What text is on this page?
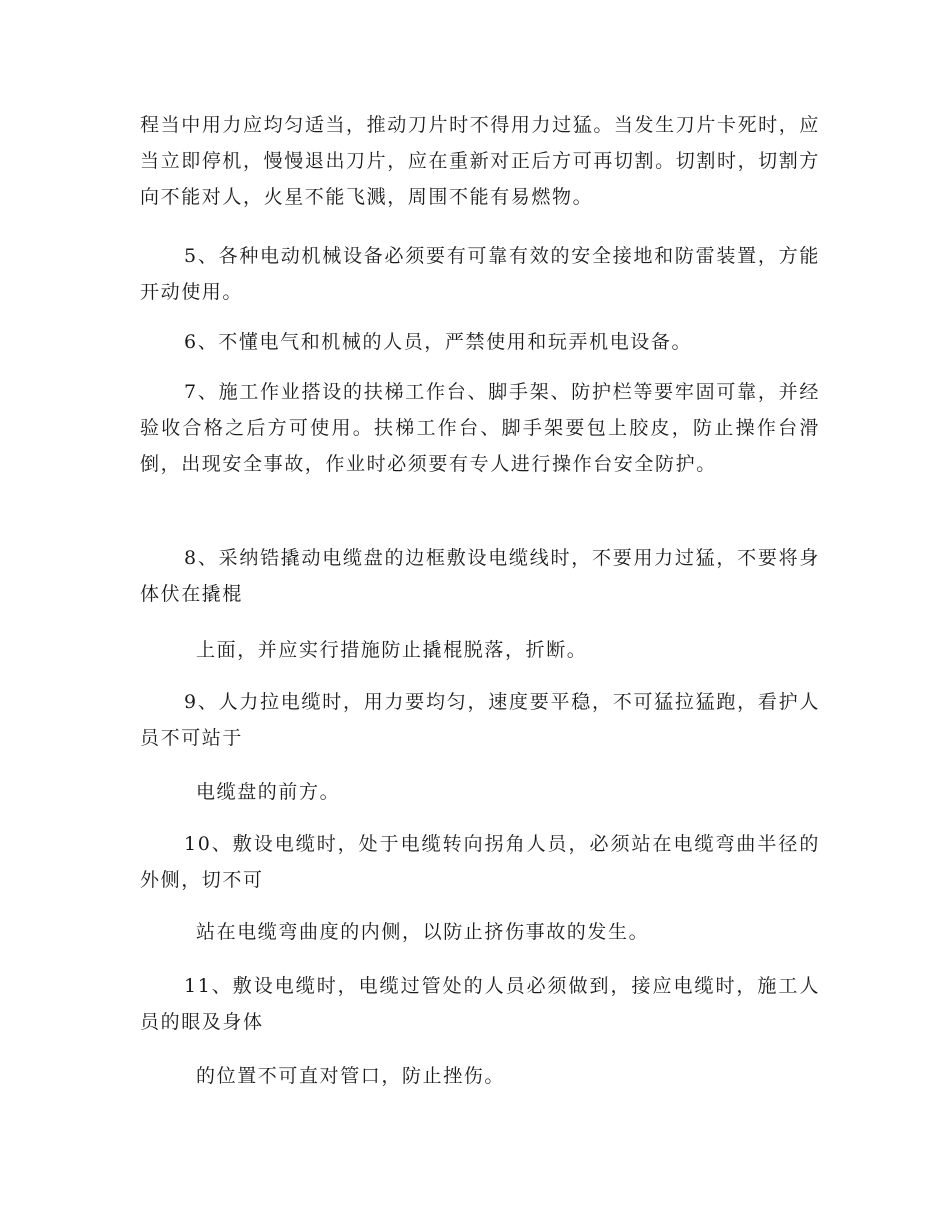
程当中用力应均匀适当，推动刀片时不得用力过猛。当发生刀片卡死时，应当立即停机，慢慢退出刀片，应在重新对正后方可再切割。切割时，切割方向不能对人，火星不能飞溅，周围不能有易燃物。

5、各种电动机械设备必须要有可靠有效的安全接地和防雷装置，方能开动使用。

6、不懂电气和机械的人员，严禁使用和玩弄机电设备。

7、施工作业搭设的扶梯工作台、脚手架、防护栏等要牢固可靠，并经验收合格之后方可使用。扶梯工作台、脚手架要包上胶皮，防止操作台滑倒，出现安全事故，作业时必须要有专人进行操作台安全防护。

8、采纳锆撬动电缆盘的边框敷设电缆线时，不要用力过猛，不要将身体伏在撬棍

上面，并应实行措施防止撬棍脱落，折断。

9、人力拉电缆时，用力要均匀，速度要平稳，不可猛拉猛跑，看护人员不可站于

电缆盘的前方。

10、敷设电缆时，处于电缆转向拐角人员，必须站在电缆弯曲半径的外侧，切不可

站在电缆弯曲度的内侧，以防止挤伤事故的发生。

11、敷设电缆时，电缆过管处的人员必须做到，接应电缆时，施工人员的眼及身体

的位置不可直对管口，防止挫伤。
